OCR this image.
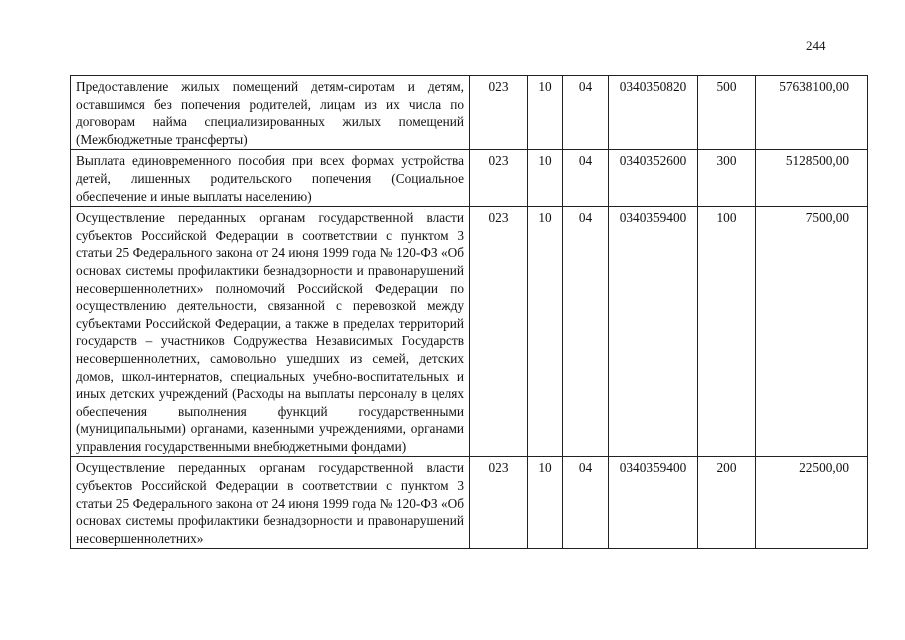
244
Предоставление жилых помещений детям-сиротам и детям, оставшимся без попечения родителей, лицам из их числа по договорам найма специализированных жилых помещений (Межбюджетные трансферты)	023	10	04	0340350820	500	57638100,00
Выплата единовременного пособия при всех формах устройства детей, лишенных родительского попечения (Социальное обеспечение и иные выплаты населению)	023	10	04	0340352600	300	5128500,00
Осуществление переданных органам государственной власти субъектов Российской Федерации в соответствии с пунктом 3 статьи 25 Федерального закона от 24 июня 1999 года № 120-ФЗ «Об основах системы профилактики безнадзорности и правонарушений несовершеннолетних» полномочий Российской Федерации по осуществлению деятельности, связанной с перевозкой между субъектами Российской Федерации, а также в пределах территорий государств – участников Содружества Независимых Государств несовершеннолетних, самовольно ушедших из семей, детских домов, школ-интернатов, специальных учебно-воспитательных и иных детских учреждений (Расходы на выплаты персоналу в целях обеспечения выполнения функций государственными (муниципальными) органами, казенными учреждениями, органами управления государственными внебюджетными фондами)	023	10	04	0340359400	100	7500,00
Осуществление переданных органам государственной власти субъектов Российской Федерации в соответствии с пунктом 3 статьи 25 Федерального закона от 24 июня 1999 года № 120-ФЗ «Об основах системы профилактики безнадзорности и правонарушений несовершеннолетних»	023	10	04	0340359400	200	22500,00
